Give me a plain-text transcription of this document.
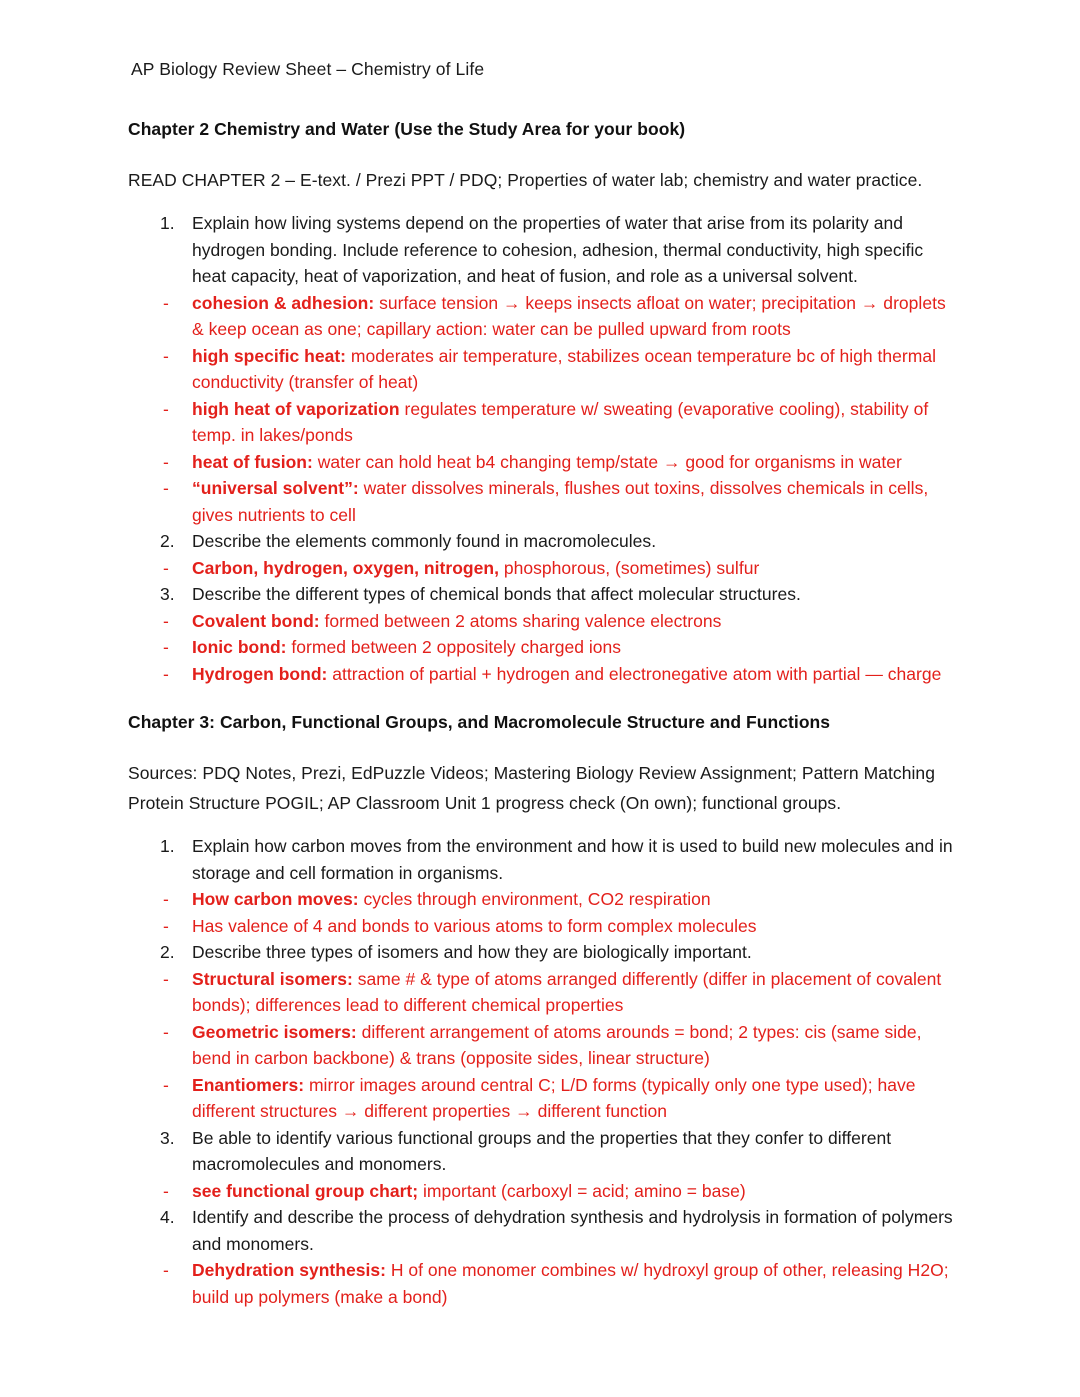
AP Biology Review Sheet – Chemistry of Life
Chapter 2 Chemistry and Water (Use the Study Area for your book)
READ CHAPTER 2 – E-text. / Prezi PPT / PDQ; Properties of water lab; chemistry and water practice.
1. Explain how living systems depend on the properties of water that arise from its polarity and hydrogen bonding. Include reference to cohesion, adhesion, thermal conductivity, high specific heat capacity, heat of vaporization, and heat of fusion, and role as a universal solvent.
-	cohesion & adhesion: surface tension → keeps insects afloat on water; precipitation → droplets & keep ocean as one; capillary action: water can be pulled upward from roots
-	high specific heat: moderates air temperature, stabilizes ocean temperature bc of high thermal conductivity (transfer of heat)
-	high heat of vaporization regulates temperature w/ sweating (evaporative cooling), stability of temp. in lakes/ponds
-	heat of fusion: water can hold heat b4 changing temp/state → good for organisms in water
-	“universal solvent”: water dissolves minerals, flushes out toxins, dissolves chemicals in cells, gives nutrients to cell
2. Describe the elements commonly found in macromolecules.
-	Carbon, hydrogen, oxygen, nitrogen, phosphorous, (sometimes) sulfur
3. Describe the different types of chemical bonds that affect molecular structures.
-	Covalent bond: formed between 2 atoms sharing valence electrons
-	Ionic bond: formed between 2 oppositely charged ions
-	Hydrogen bond: attraction of partial + hydrogen and electronegative atom with partial — charge
Chapter 3: Carbon, Functional Groups, and Macromolecule Structure and Functions
Sources: PDQ Notes, Prezi, EdPuzzle Videos; Mastering Biology Review Assignment; Pattern Matching Protein Structure POGIL; AP Classroom Unit 1 progress check (On own); functional groups.
1. Explain how carbon moves from the environment and how it is used to build new molecules and in storage and cell formation in organisms.
-	How carbon moves: cycles through environment, CO2 respiration
-	Has valence of 4 and bonds to various atoms to form complex molecules
2. Describe three types of isomers and how they are biologically important.
-	Structural isomers: same # & type of atoms arranged differently (differ in placement of covalent bonds); differences lead to different chemical properties
-	Geometric isomers: different arrangement of atoms arounds = bond; 2 types: cis (same side, bend in carbon backbone) & trans (opposite sides, linear structure)
-	Enantiomers: mirror images around central C; L/D forms (typically only one type used); have different structures → different properties → different function
3. Be able to identify various functional groups and the properties that they confer to different macromolecules and monomers.
-	see functional group chart; important (carboxyl = acid; amino = base)
4. Identify and describe the process of dehydration synthesis and hydrolysis in formation of polymers and monomers.
-	Dehydration synthesis: H of one monomer combines w/ hydroxyl group of other, releasing H2O; build up polymers (make a bond)
